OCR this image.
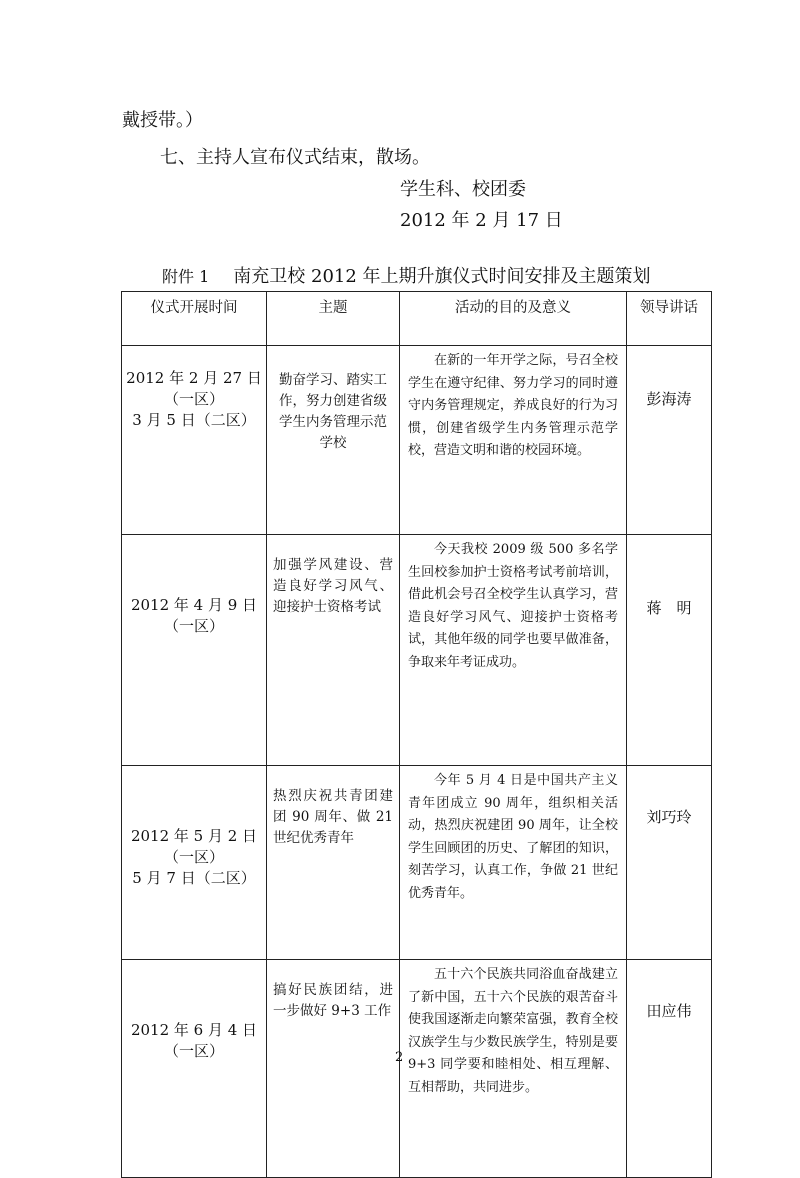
戴授带。）
七、主持人宣布仪式结束，散场。
学生科、校团委
2012 年 2 月 17 日
附件 1 南充卫校 2012 年上期升旗仪式时间安排及主题策划
仪式开展时间	主题	活动的目的及意义	领导讲话

2012 年 2 月 27 日
（一区）
3 月 5 日（二区）	勤奋学习、踏实工作，努力创建省级学生内务管理示范学校	在新的一年开学之际，号召全校学生在遵守纪律、努力学习的同时遵守内务管理规定，养成良好的行为习惯，创建省级学生内务管理示范学校，营造文明和谐的校园环境。	彭海涛

2012 年 4 月 9 日
（一区）	加强学风建设、营造良好学习风气、迎接护士资格考试	今天我校 2009 级 500 多名学生回校参加护士资格考试考前培训，借此机会号召全校学生认真学习，营造良好学习风气、迎接护士资格考试，其他年级的同学也要早做准备，争取来年考证成功。	蒋　明

2012 年 5 月 2 日
（一区）
5 月 7 日（二区）	热烈庆祝共青团建团 90 周年、做 21 世纪优秀青年	今年 5 月 4 日是中国共产主义青年团成立 90 周年，组织相关活动，热烈庆祝建团 90 周年，让全校学生回顾团的历史、了解团的知识，刻苦学习，认真工作，争做 21 世纪优秀青年。	刘巧玲

2012 年 6 月 4 日
（一区）	搞好民族团结，进一步做好 9+3 工作	五十六个民族共同浴血奋战建立了新中国，五十六个民族的艰苦奋斗使我国逐渐走向繁荣富强，教育全校汉族学生与少数民族学生，特别是要 9+3 同学要和睦相处、相互理解、互相帮助，共同进步。	田应伟
2
